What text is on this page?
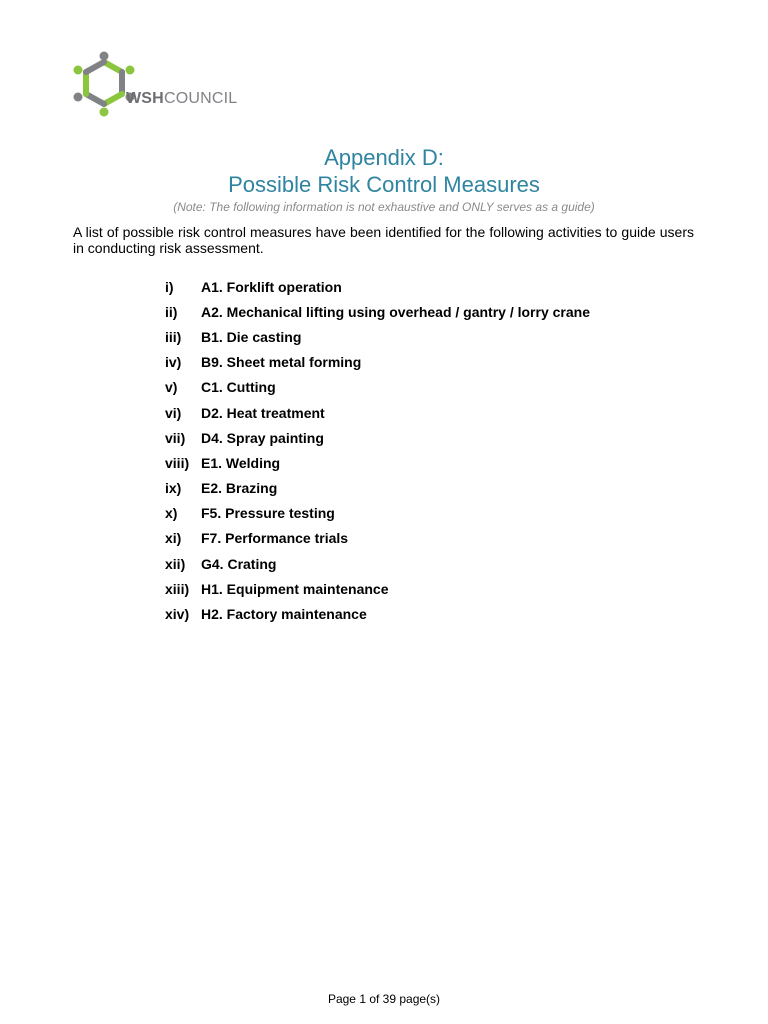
WSHCOUNCIL
Appendix D:
Possible Risk Control Measures
(Note: The following information is not exhaustive and ONLY serves as a guide)
A list of possible risk control measures have been identified for the following activities to guide users in conducting risk assessment.
i)	A1. Forklift operation
ii)	A2. Mechanical lifting using overhead / gantry / lorry crane
iii)	B1. Die casting
iv)	B9. Sheet metal forming
v)	C1. Cutting
vi)	D2. Heat treatment
vii)	D4. Spray painting
viii) E1. Welding
ix)	E2. Brazing
x)	F5. Pressure testing
xi)	F7. Performance trials
xii)	G4. Crating
xiii) H1. Equipment maintenance
xiv) H2. Factory maintenance
Page 1 of 39 page(s)
